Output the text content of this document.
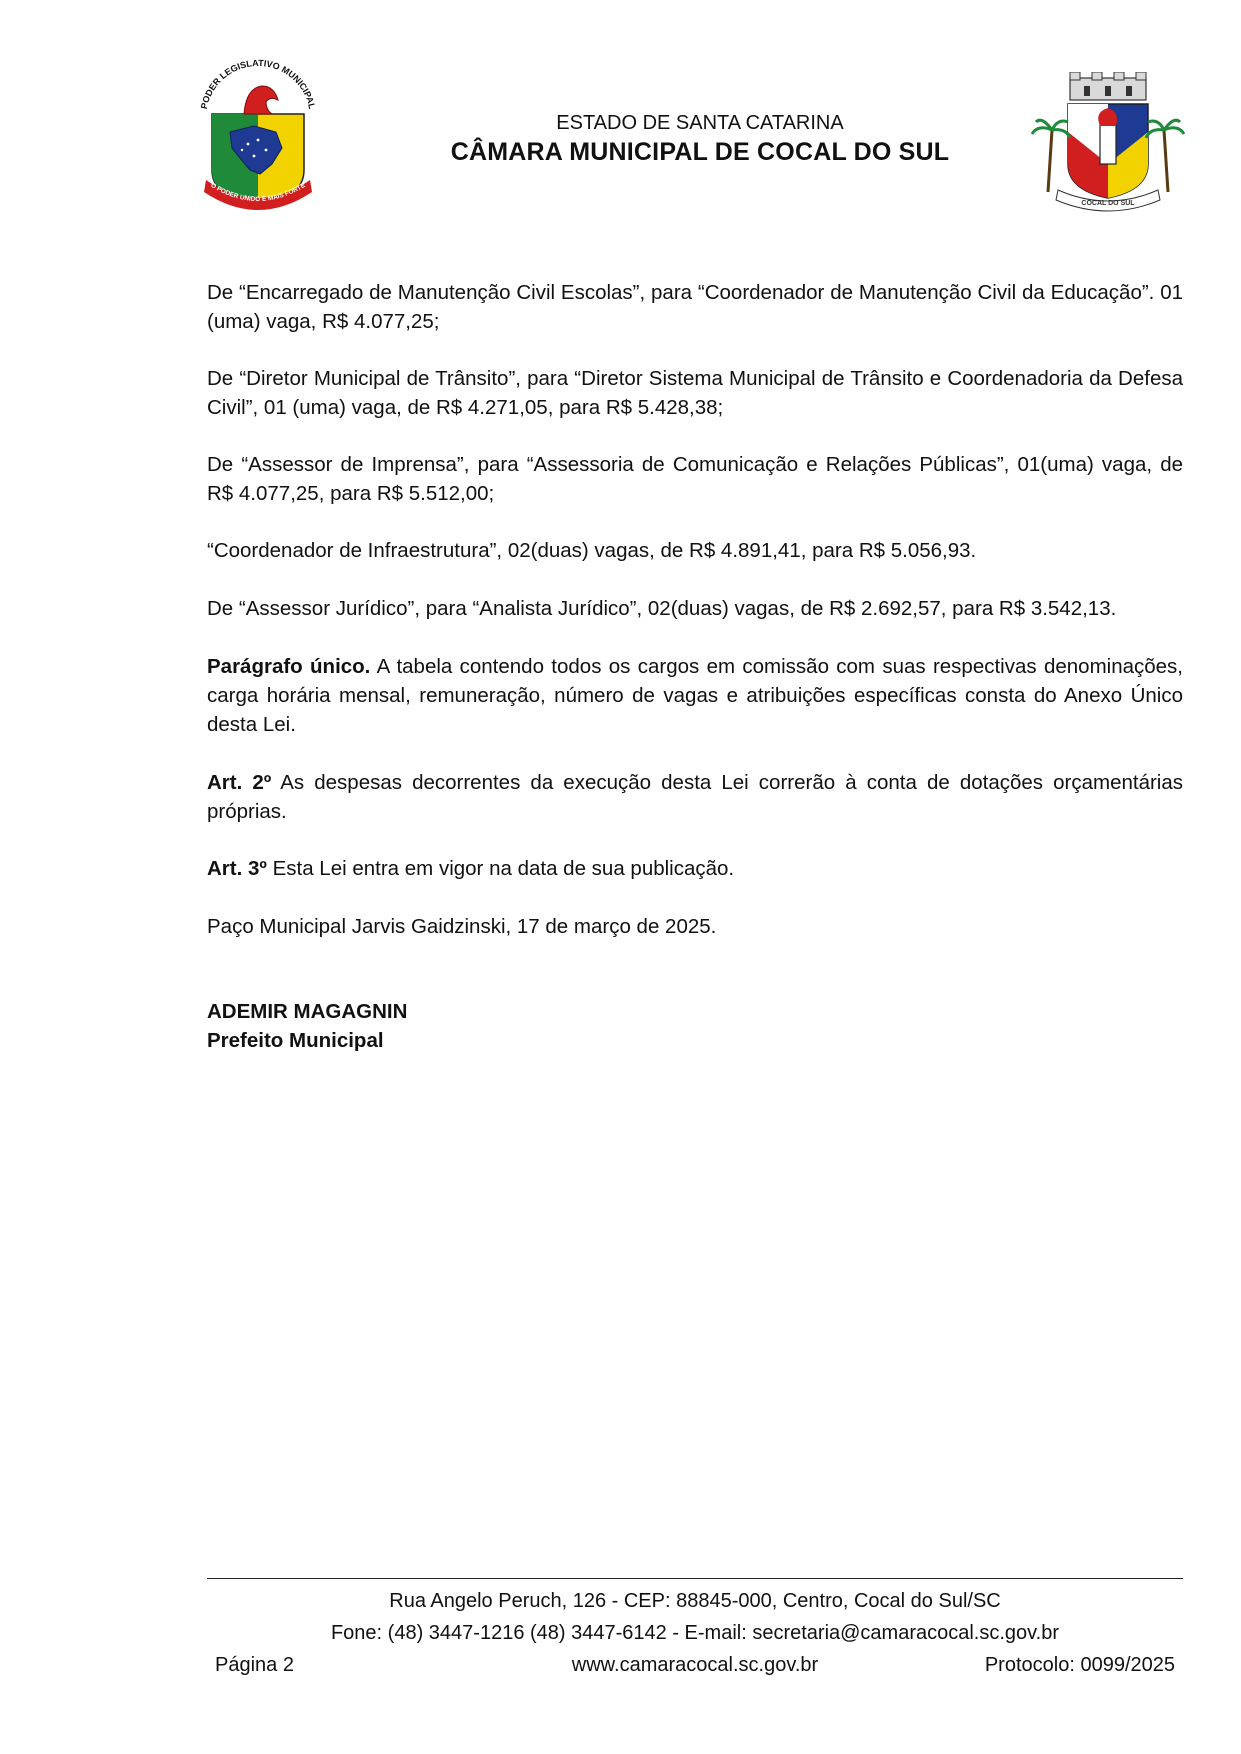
PODER LEGISLATIVO MUNICIPAL
O PODER UNIDO É MAIS FORTE
ESTADO DE SANTA CATARINA
CÂMARA MUNICIPAL DE COCAL DO SUL
COCAL DO SUL
De “Encarregado de Manutenção Civil Escolas”, para “Coordenador de Manutenção Civil da Educação”. 01 (uma) vaga, R$ 4.077,25;
De “Diretor Municipal de Trânsito”, para “Diretor Sistema Municipal de Trânsito e Coordenadoria da Defesa Civil”, 01 (uma) vaga, de R$ 4.271,05, para R$ 5.428,38;
De “Assessor de Imprensa”, para “Assessoria de Comunicação e Relações Públicas”, 01(uma) vaga, de R$ 4.077,25, para R$ 5.512,00;
“Coordenador de Infraestrutura”, 02(duas) vagas, de R$ 4.891,41, para R$ 5.056,93.
De “Assessor Jurídico”, para “Analista Jurídico”, 02(duas) vagas, de R$ 2.692,57, para R$ 3.542,13.
Parágrafo único. A tabela contendo todos os cargos em comissão com suas respectivas denominações, carga horária mensal, remuneração, número de vagas e atribuições específicas consta do Anexo Único desta Lei.
Art. 2º As despesas decorrentes da execução desta Lei correrão à conta de dotações orçamentárias próprias.
Art. 3º Esta Lei entra em vigor na data de sua publicação.
Paço Municipal Jarvis Gaidzinski, 17 de março de 2025.
ADEMIR MAGAGNIN
Prefeito Municipal
Rua Angelo Peruch, 126 - CEP: 88845-000, Centro, Cocal do Sul/SC
Fone: (48) 3447-1216 (48) 3447-6142 - E-mail: secretaria@camaracocal.sc.gov.br
Página 2	www.camaracocal.sc.gov.br	Protocolo: 0099/2025
